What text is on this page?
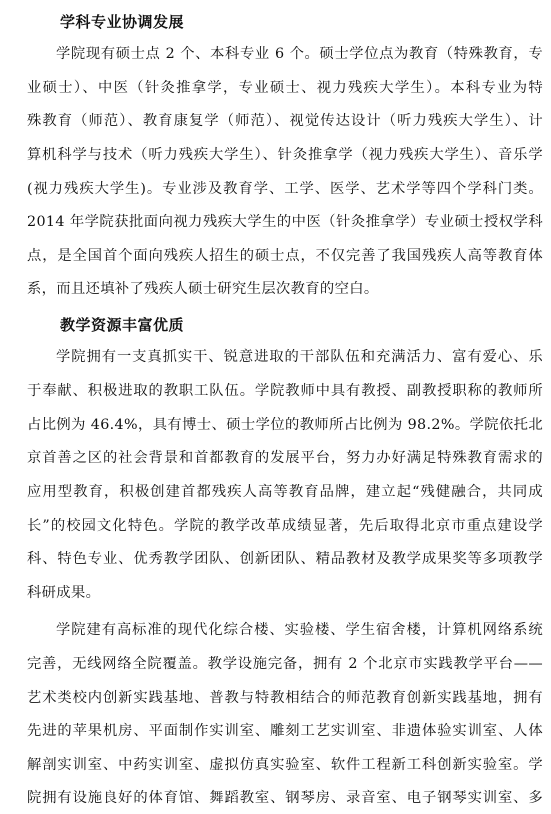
学科专业协调发展
学院现有硕士点 2 个、本科专业 6 个。硕士学位点为教育（特殊教育，专
业硕士）、中医（针灸推拿学，专业硕士、视力残疾大学生）。本科专业为特
殊教育（师范）、教育康复学（师范）、视觉传达设计（听力残疾大学生）、计
算机科学与技术（听力残疾大学生）、针灸推拿学（视力残疾大学生）、音乐学
(视力残疾大学生)。专业涉及教育学、工学、医学、艺术学等四个学科门类。
2014 年学院获批面向视力残疾大学生的中医（针灸推拿学）专业硕士授权学科
点，是全国首个面向残疾人招生的硕士点，不仅完善了我国残疾人高等教育体
系，而且还填补了残疾人硕士研究生层次教育的空白。
教学资源丰富优质
学院拥有一支真抓实干、锐意进取的干部队伍和充满活力、富有爱心、乐
于奉献、积极进取的教职工队伍。学院教师中具有教授、副教授职称的教师所
占比例为 46.4%，具有博士、硕士学位的教师所占比例为 98.2%。学院依托北
京首善之区的社会背景和首都教育的发展平台，努力办好满足特殊教育需求的
应用型教育，积极创建首都残疾人高等教育品牌，建立起“残健融合，共同成
长”的校园文化特色。学院的教学改革成绩显著，先后取得北京市重点建设学
科、特色专业、优秀教学团队、创新团队、精品教材及教学成果奖等多项教学
科研成果。
学院建有高标准的现代化综合楼、实验楼、学生宿舍楼，计算机网络系统
完善，无线网络全院覆盖。教学设施完备，拥有 2 个北京市实践教学平台——
艺术类校内创新实践基地、普教与特教相结合的师范教育创新实践基地，拥有
先进的苹果机房、平面制作实训室、雕刻工艺实训室、非遗体验实训室、人体
解剖实训室、中药实训室、虚拟仿真实验室、软件工程新工科创新实验室。学
院拥有设施良好的体育馆、舞蹈教室、钢琴房、录音室、电子钢琴实训室、多
